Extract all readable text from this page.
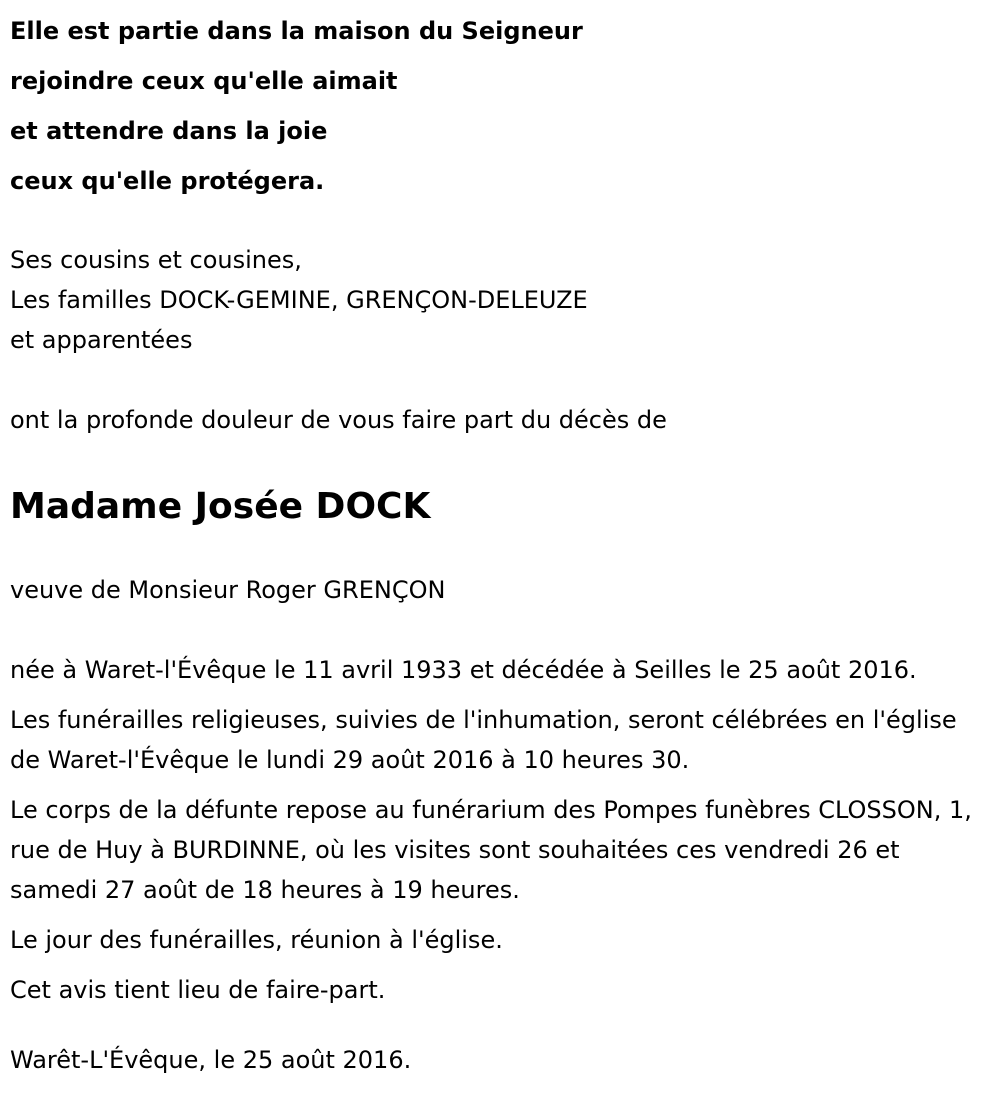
Elle est partie dans la maison du Seigneur
rejoindre ceux qu'elle aimait
et attendre dans la joie
ceux qu'elle protégera.
Ses cousins et cousines,
Les familles DOCK-GEMINE, GRENÇON-DELEUZE
et apparentées
ont la profonde douleur de vous faire part du décès de
Madame Josée DOCK
veuve de Monsieur Roger GRENÇON

née à Waret-l'Évêque le 11 avril 1933 et décédée à Seilles le 25 août 2016.

Les funérailles religieuses, suivies de l'inhumation, seront célébrées en l'église de Waret-l'Évêque le lundi 29 août 2016 à 10 heures 30.

Le corps de la défunte repose au funérarium des Pompes funèbres CLOSSON, 1, rue de Huy à BURDINNE, où les visites sont souhaitées ces vendredi 26 et samedi 27 août de 18 heures à 19 heures.

Le jour des funérailles, réunion à l'église.

Cet avis tient lieu de faire-part.

Warêt-L'Évêque, le 25 août 2016.
